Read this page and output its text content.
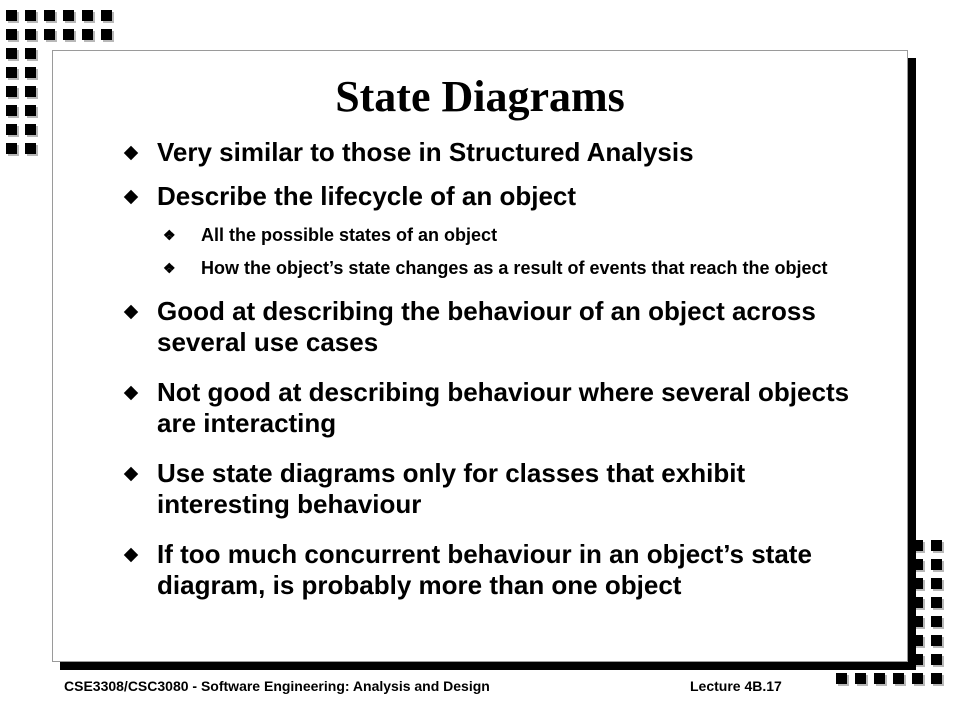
State Diagrams
Very similar to those in Structured Analysis
Describe the lifecycle of an object
❖ All the possible states of an object
❖ How the object’s state changes as a result of events that reach the object
Good at describing the behaviour of an object across several use cases
Not good at describing behaviour where several objects are interacting
Use state diagrams only for classes that exhibit interesting behaviour
If too much concurrent behaviour in an object’s state diagram, is probably more than one object
CSE3308/CSC3080 - Software Engineering: Analysis and Design	Lecture 4B.17
